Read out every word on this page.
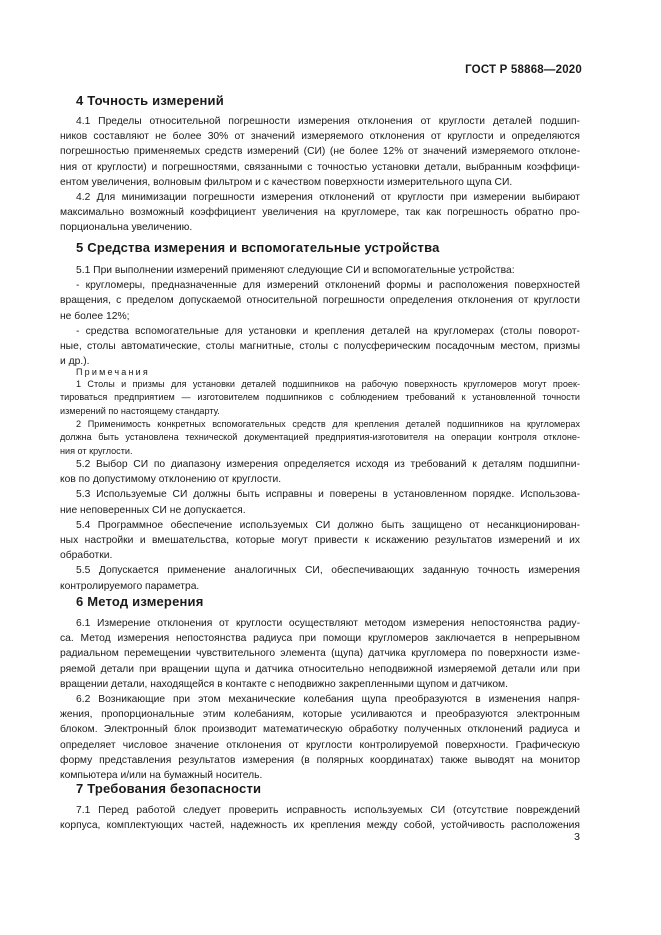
ГОСТ Р 58868—2020
4 Точность измерений
4.1 Пределы относительной погрешности измерения отклонения от круглости деталей подшип-
ников составляют не более 30% от значений измеряемого отклонения от круглости и определяются
погрешностью применяемых средств измерений (СИ) (не более 12% от значений измеряемого отклоне-
ния от круглости) и погрешностями, связанными с точностью установки детали, выбранным коэффици-
ентом увеличения, волновым фильтром и с качеством поверхности измерительного щупа СИ.
4.2 Для минимизации погрешности измерения отклонений от круглости при измерении выбирают
максимально возможный коэффициент увеличения на кругломере, так как погрешность обратно про-
порциональна увеличению.
5 Средства измерения и вспомогательные устройства
5.1 При выполнении измерений применяют следующие СИ и вспомогательные устройства:
- кругломеры, предназначенные для измерений отклонений формы и расположения поверхностей
вращения, с пределом допускаемой относительной погрешности определения отклонения от круглости
не более 12%;
- средства вспомогательные для установки и крепления деталей на кругломерах (столы поворот-
ные, столы автоматические, столы магнитные, столы с полусферическим посадочным местом, призмы
и др.).
Примечания
1 Столы и призмы для установки деталей подшипников на рабочую поверхность кругломеров могут проек-
тироваться предприятием — изготовителем подшипников с соблюдением требований к установленной точности
измерений по настоящему стандарту.
2 Применимость конкретных вспомогательных средств для крепления деталей подшипников на кругломерах
должна быть установлена технической документацией предприятия-изготовителя на операции контроля отклоне-
ния от круглости.
5.2 Выбор СИ по диапазону измерения определяется исходя из требований к деталям подшипни-
ков по допустимому отклонению от круглости.
5.3 Используемые СИ должны быть исправны и поверены в установленном порядке. Использова-
ние неповеренных СИ не допускается.
5.4 Программное обеспечение используемых СИ должно быть защищено от несанкционирован-
ных настройки и вмешательства, которые могут привести к искажению результатов измерений и их
обработки.
5.5 Допускается применение аналогичных СИ, обеспечивающих заданную точность измерения
контролируемого параметра.
6 Метод измерения
6.1 Измерение отклонения от круглости осуществляют методом измерения непостоянства радиу-
са. Метод измерения непостоянства радиуса при помощи кругломеров заключается в непрерывном
радиальном перемещении чувствительного элемента (щупа) датчика кругломера по поверхности изме-
ряемой детали при вращении щупа и датчика относительно неподвижной измеряемой детали или при
вращении детали, находящейся в контакте с неподвижно закрепленными щупом и датчиком.
6.2 Возникающие при этом механические колебания щупа преобразуются в изменения напря-
жения, пропорциональные этим колебаниям, которые усиливаются и преобразуются электронным
блоком. Электронный блок производит математическую обработку полученных отклонений радиуса и
определяет числовое значение отклонения от круглости контролируемой поверхности. Графическую
форму представления результатов измерения (в полярных координатах) также выводят на монитор
компьютера и/или на бумажный носитель.
7 Требования безопасности
7.1 Перед работой следует проверить исправность используемых СИ (отсутствие повреждений
корпуса, комплектующих частей, надежность их крепления между собой, устойчивость расположения
3
